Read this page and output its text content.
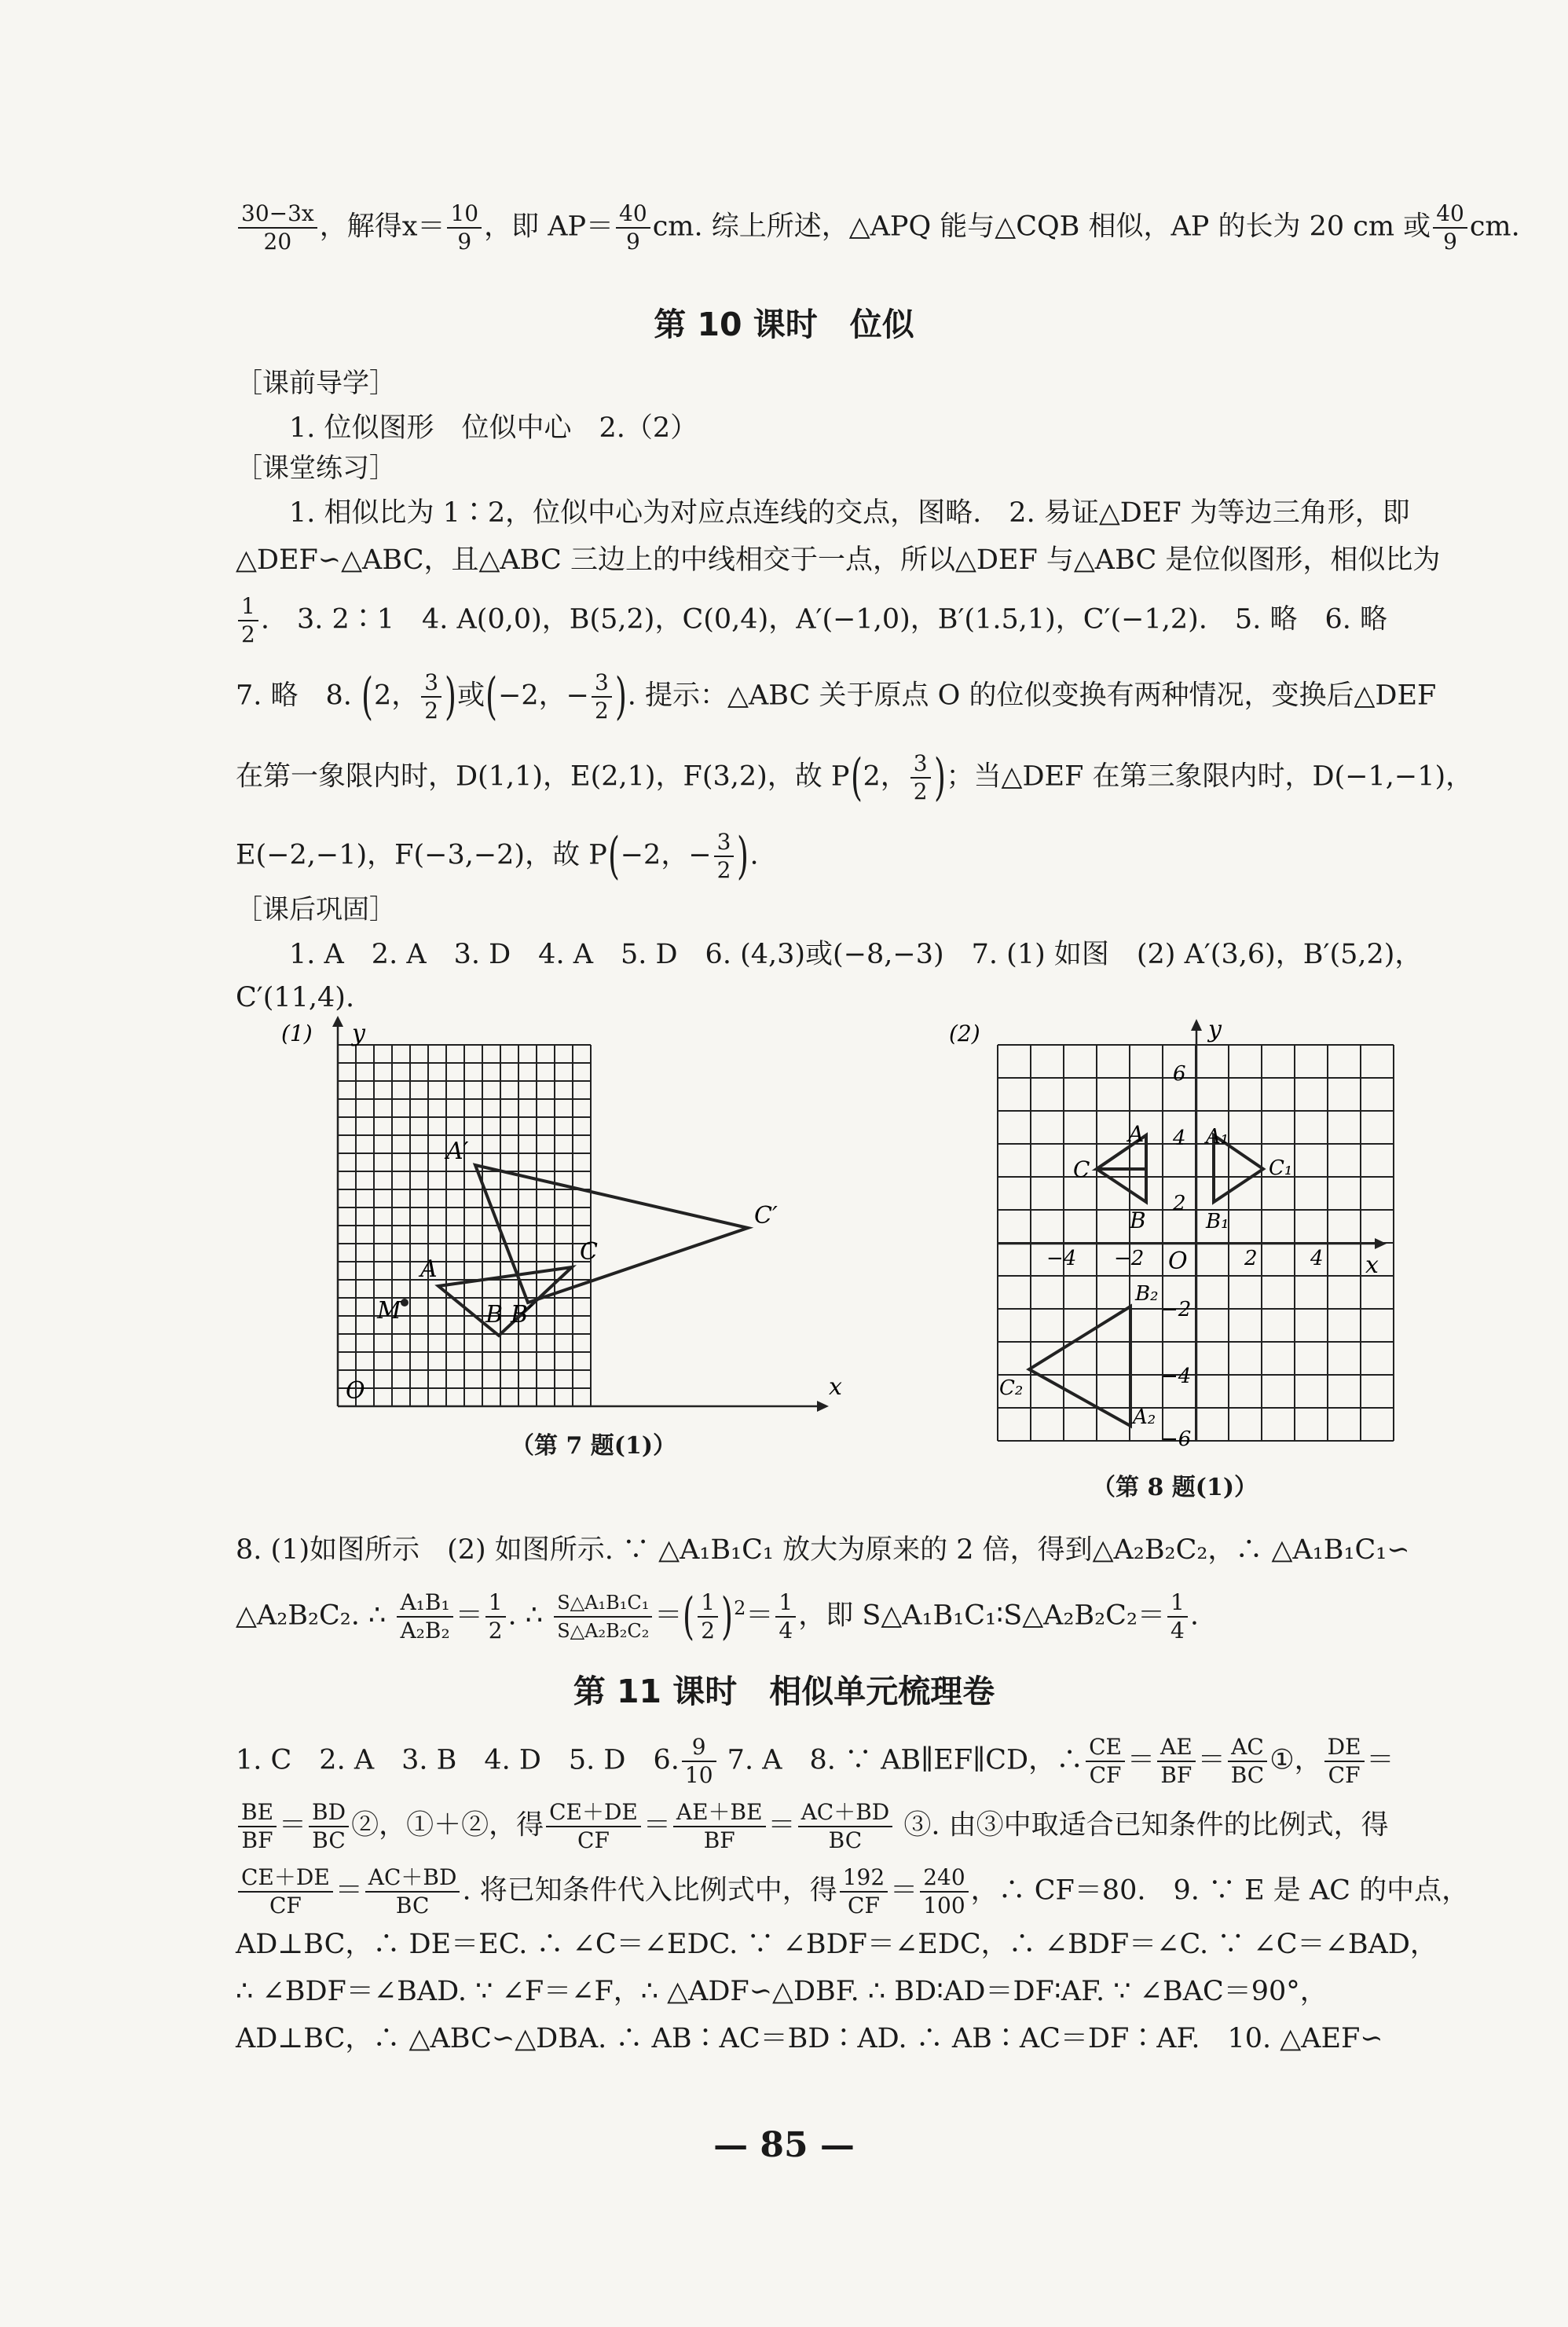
$\frac{30-3x}{20}$ ，解得$x= \frac{10}{9}$ ，即 $AP= \frac{40}{9}$ cm. 综上所述，△APQ 能与△CQB 相似，AP 的长为 20 cm 或 $\frac{40}{9}$ cm.
第 10 课时　位似
［课前导学］
1. 位似图形　位似中心　2.（2）
［课堂练习］
1. 相似比为 1∶2，位似中心为对应点连线的交点，图略.　2. 易证△DEF 为等边三角形，即
△DEF∽△ABC，且△ABC 三边上的中线相交于一点，所以△DEF 与△ABC 是位似图形，相似比为
$\frac{1}{2}$ .　3. 2∶1　4. A(0,0)，B(5,2)，C(0,4)，A′(−1,0)，B′(1.5,1)，C′(−1,2).　5. 略　6. 略
7. 略　8. (2， $\frac{3}{2}$ )或(−2，− $\frac{3}{2}$ ). 提示：△ABC 关于原点 O 的位似变换有两种情况，变换后△DEF
在第一象限内时，D(1,1)，E(2,1)，F(3,2)，故 P(2， $\frac{3}{2}$ )；当△DEF 在第三象限内时，D(−1,−1)，
E(−2,−1)，F(−3,−2)，故 P(−2，− $\frac{3}{2}$ ).
［课后巩固］
1. A　2. A　3. D　4. A　5. D　6. (4,3)或(−8,−3)　7. (1) 如图　(2) A′(3,6)，B′(5,2)，
C′(11,4).
(1) y
x
O
M
A
B
C
A′
B′
C′
（第 7 题(1)）
(2)	y
x
O
6
4
2
−2
−4
−6
4
2
−2
−4
A
C
B
A₁
B₁
C₁
B₂
C₂
A₂
（第 8 题(1)）
8. (1)如图所示　(2) 如图所示. ∵ △A₁B₁C₁ 放大为原来的 2 倍，得到△A₂B₂C₂，∴ △A₁B₁C₁∽
△A₂B₂C₂. ∴ $\frac{\text{A₁B₁}}{\text{A₂B₂}} = \frac{1}{2}$ . ∴ $\frac{\text{S△A₁B₁C₁}}{\text{S△A₂B₂C₂}}$ ＝( $\frac{1}{2} )^2= \frac{1}{4}$ ，即 S△A₁B₁C₁∶S△A₂B₂C₂＝ $\frac{1}{4}$ .
第 11 课时　相似单元梳理卷
1. C　2. A　3. B　4. D　5. D　6. $\frac{9}{10} 7$. A　8. ∵ AB∥EF∥CD，∴ $\frac{CE}{CF} = \frac{AE}{BF} = \frac{AC}{BC}$ ①， $\frac{DE}{CF}$ ＝
$\frac{BE}{BF} = \frac{BD}{BC}$ ②，①＋②，得 $\frac{CE+DE}{CF} = \frac{AE+BE}{BF} = \frac{AC+BD}{BC}$ ③. 由③中取适合已知条件的比例式，得
$\frac{CE+DE}{CF} = \frac{AC+BD}{BC}$ . 将已知条件代入比例式中，得 $\frac{192}{CF} = \frac{240}{100}$ ，∴ CF＝80.　9. ∵ E 是 AC 的中点，
AD⊥BC，∴ DE＝EC. ∴ ∠C＝∠EDC. ∵ ∠BDF＝∠EDC，∴ ∠BDF＝∠C. ∵ ∠C＝∠BAD，
∴ ∠BDF＝∠BAD. ∵ ∠F＝∠F，∴ △ADF∽△DBF. ∴ BD∶AD＝DF∶AF. ∵ ∠BAC＝90°，
AD⊥BC，∴ △ABC∽△DBA. ∴ AB∶AC＝BD∶AD. ∴ AB∶AC＝DF∶AF.　10. △AEF∽
— 85 —
